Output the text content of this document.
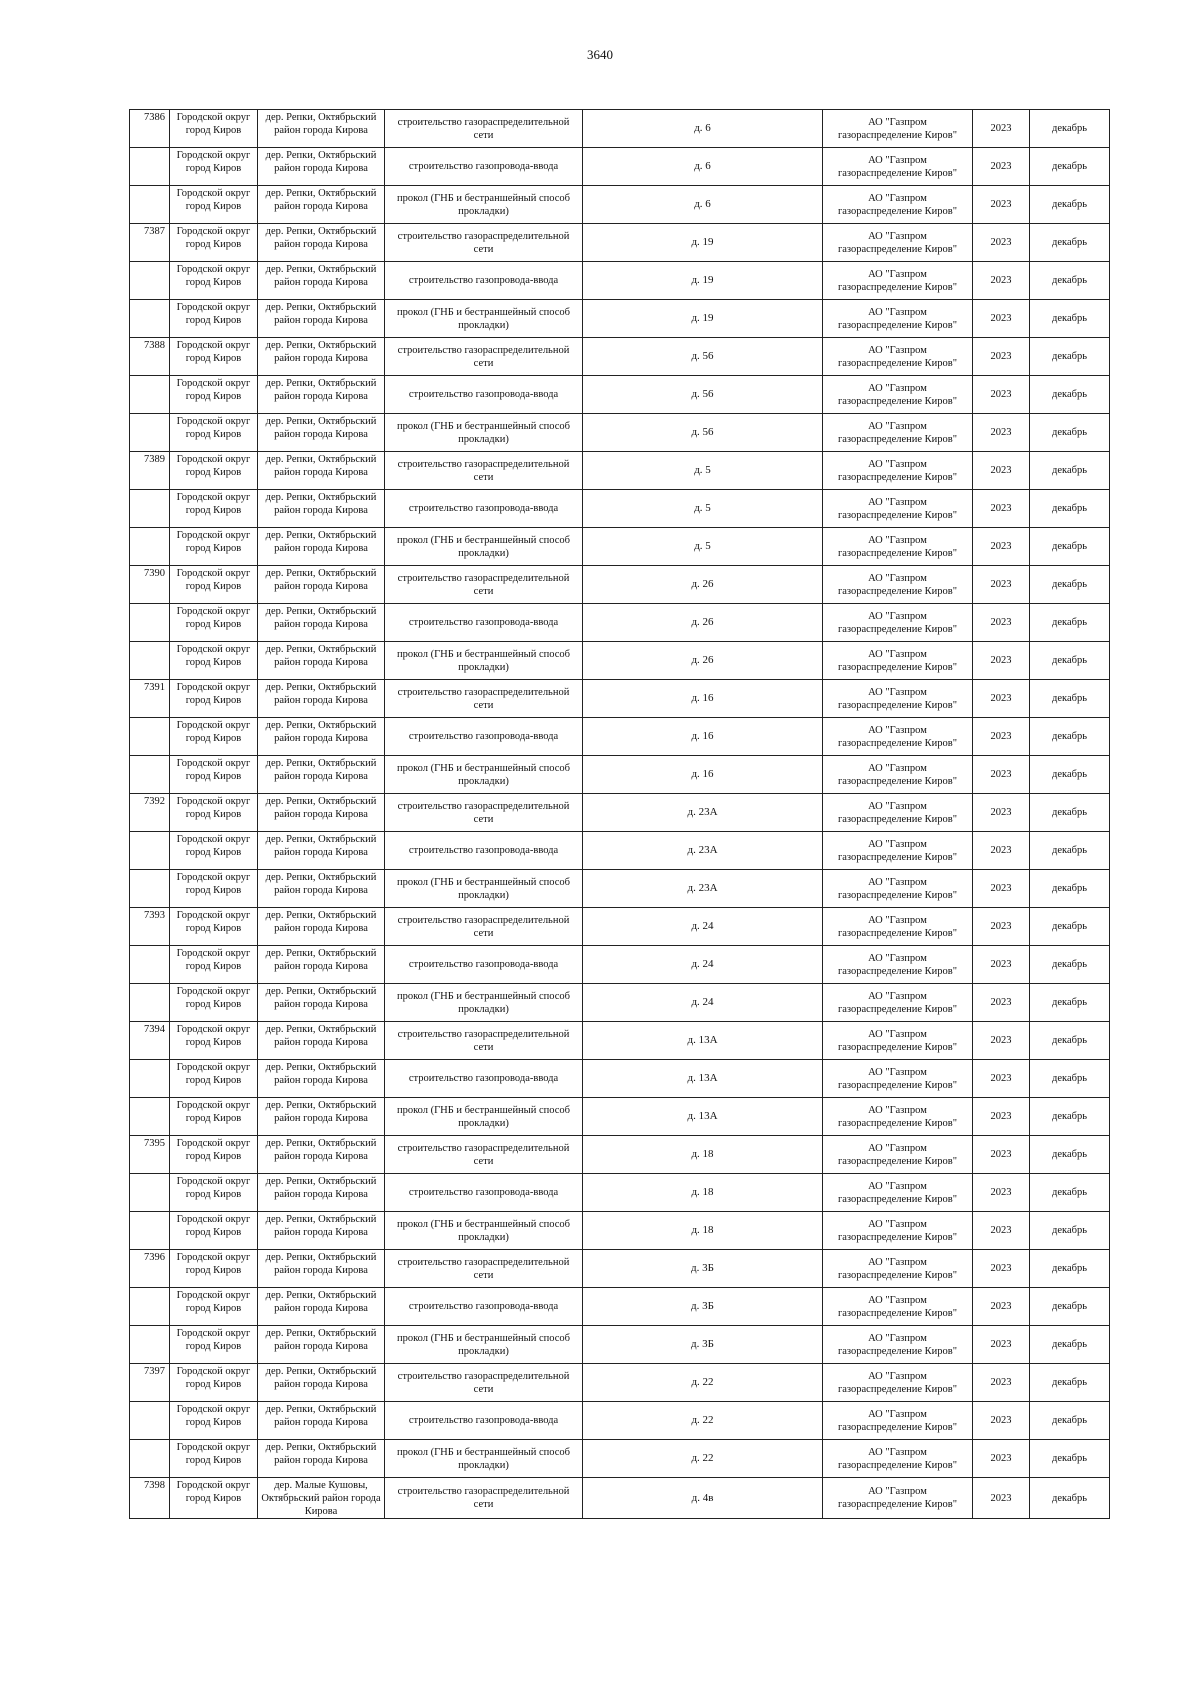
3640
7386	Городской округ город Киров	дер. Репки, Октябрьский район города Кирова	строительство газораспределительной сети	д. 6	АО "Газпром газораспределение Киров"	2023	декабрь
	Городской округ город Киров	дер. Репки, Октябрьский район города Кирова	строительство газопровода-ввода	д. 6	АО "Газпром газораспределение Киров"	2023	декабрь
	Городской округ город Киров	дер. Репки, Октябрьский район города Кирова	прокол (ГНБ и бестраншейный способ прокладки)	д. 6	АО "Газпром газораспределение Киров"	2023	декабрь
7387	Городской округ город Киров	дер. Репки, Октябрьский район города Кирова	строительство газораспределительной сети	д. 19	АО "Газпром газораспределение Киров"	2023	декабрь
	Городской округ город Киров	дер. Репки, Октябрьский район города Кирова	строительство газопровода-ввода	д. 19	АО "Газпром газораспределение Киров"	2023	декабрь
	Городской округ город Киров	дер. Репки, Октябрьский район города Кирова	прокол (ГНБ и бестраншейный способ прокладки)	д. 19	АО "Газпром газораспределение Киров"	2023	декабрь
7388	Городской округ город Киров	дер. Репки, Октябрьский район города Кирова	строительство газораспределительной сети	д. 56	АО "Газпром газораспределение Киров"	2023	декабрь
	Городской округ город Киров	дер. Репки, Октябрьский район города Кирова	строительство газопровода-ввода	д. 56	АО "Газпром газораспределение Киров"	2023	декабрь
	Городской округ город Киров	дер. Репки, Октябрьский район города Кирова	прокол (ГНБ и бестраншейный способ прокладки)	д. 56	АО "Газпром газораспределение Киров"	2023	декабрь
7389	Городской округ город Киров	дер. Репки, Октябрьский район города Кирова	строительство газораспределительной сети	д. 5	АО "Газпром газораспределение Киров"	2023	декабрь
	Городской округ город Киров	дер. Репки, Октябрьский район города Кирова	строительство газопровода-ввода	д. 5	АО "Газпром газораспределение Киров"	2023	декабрь
	Городской округ город Киров	дер. Репки, Октябрьский район города Кирова	прокол (ГНБ и бестраншейный способ прокладки)	д. 5	АО "Газпром газораспределение Киров"	2023	декабрь
7390	Городской округ город Киров	дер. Репки, Октябрьский район города Кирова	строительство газораспределительной сети	д. 26	АО "Газпром газораспределение Киров"	2023	декабрь
	Городской округ город Киров	дер. Репки, Октябрьский район города Кирова	строительство газопровода-ввода	д. 26	АО "Газпром газораспределение Киров"	2023	декабрь
	Городской округ город Киров	дер. Репки, Октябрьский район города Кирова	прокол (ГНБ и бестраншейный способ прокладки)	д. 26	АО "Газпром газораспределение Киров"	2023	декабрь
7391	Городской округ город Киров	дер. Репки, Октябрьский район города Кирова	строительство газораспределительной сети	д. 16	АО "Газпром газораспределение Киров"	2023	декабрь
	Городской округ город Киров	дер. Репки, Октябрьский район города Кирова	строительство газопровода-ввода	д. 16	АО "Газпром газораспределение Киров"	2023	декабрь
	Городской округ город Киров	дер. Репки, Октябрьский район города Кирова	прокол (ГНБ и бестраншейный способ прокладки)	д. 16	АО "Газпром газораспределение Киров"	2023	декабрь
7392	Городской округ город Киров	дер. Репки, Октябрьский район города Кирова	строительство газораспределительной сети	д. 23А	АО "Газпром газораспределение Киров"	2023	декабрь
	Городской округ город Киров	дер. Репки, Октябрьский район города Кирова	строительство газопровода-ввода	д. 23А	АО "Газпром газораспределение Киров"	2023	декабрь
	Городской округ город Киров	дер. Репки, Октябрьский район города Кирова	прокол (ГНБ и бестраншейный способ прокладки)	д. 23А	АО "Газпром газораспределение Киров"	2023	декабрь
7393	Городской округ город Киров	дер. Репки, Октябрьский район города Кирова	строительство газораспределительной сети	д. 24	АО "Газпром газораспределение Киров"	2023	декабрь
	Городской округ город Киров	дер. Репки, Октябрьский район города Кирова	строительство газопровода-ввода	д. 24	АО "Газпром газораспределение Киров"	2023	декабрь
	Городской округ город Киров	дер. Репки, Октябрьский район города Кирова	прокол (ГНБ и бестраншейный способ прокладки)	д. 24	АО "Газпром газораспределение Киров"	2023	декабрь
7394	Городской округ город Киров	дер. Репки, Октябрьский район города Кирова	строительство газораспределительной сети	д. 13А	АО "Газпром газораспределение Киров"	2023	декабрь
	Городской округ город Киров	дер. Репки, Октябрьский район города Кирова	строительство газопровода-ввода	д. 13А	АО "Газпром газораспределение Киров"	2023	декабрь
	Городской округ город Киров	дер. Репки, Октябрьский район города Кирова	прокол (ГНБ и бестраншейный способ прокладки)	д. 13А	АО "Газпром газораспределение Киров"	2023	декабрь
7395	Городской округ город Киров	дер. Репки, Октябрьский район города Кирова	строительство газораспределительной сети	д. 18	АО "Газпром газораспределение Киров"	2023	декабрь
	Городской округ город Киров	дер. Репки, Октябрьский район города Кирова	строительство газопровода-ввода	д. 18	АО "Газпром газораспределение Киров"	2023	декабрь
	Городской округ город Киров	дер. Репки, Октябрьский район города Кирова	прокол (ГНБ и бестраншейный способ прокладки)	д. 18	АО "Газпром газораспределение Киров"	2023	декабрь
7396	Городской округ город Киров	дер. Репки, Октябрьский район города Кирова	строительство газораспределительной сети	д. 3Б	АО "Газпром газораспределение Киров"	2023	декабрь
	Городской округ город Киров	дер. Репки, Октябрьский район города Кирова	строительство газопровода-ввода	д. 3Б	АО "Газпром газораспределение Киров"	2023	декабрь
	Городской округ город Киров	дер. Репки, Октябрьский район города Кирова	прокол (ГНБ и бестраншейный способ прокладки)	д. 3Б	АО "Газпром газораспределение Киров"	2023	декабрь
7397	Городской округ город Киров	дер. Репки, Октябрьский район города Кирова	строительство газораспределительной сети	д. 22	АО "Газпром газораспределение Киров"	2023	декабрь
	Городской округ город Киров	дер. Репки, Октябрьский район города Кирова	строительство газопровода-ввода	д. 22	АО "Газпром газораспределение Киров"	2023	декабрь
	Городской округ город Киров	дер. Репки, Октябрьский район города Кирова	прокол (ГНБ и бестраншейный способ прокладки)	д. 22	АО "Газпром газораспределение Киров"	2023	декабрь
7398	Городской округ город Киров	дер. Малые Кушовы, Октябрьский район города Кирова	строительство газораспределительной сети	д. 4в	АО "Газпром газораспределение Киров"	2023	декабрь
